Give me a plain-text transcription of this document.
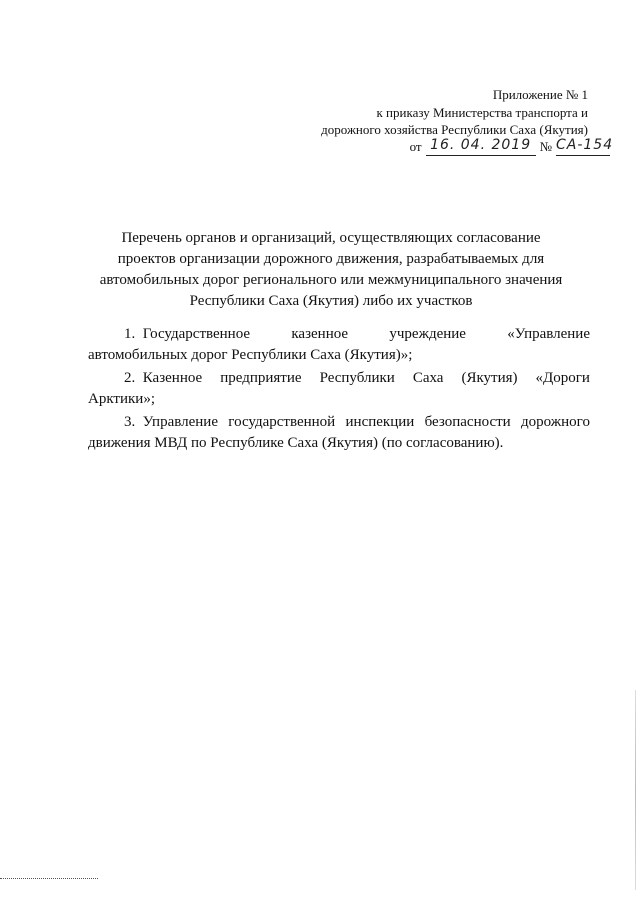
Приложение № 1
к приказу Министерства транспорта и
дорожного хозяйства Республики Саха (Якутия)
от 16. 04. 2019 № СА-154
Перечень органов и организаций, осуществляющих согласование
проектов организации дорожного движения, разрабатываемых для
автомобильных дорог регионального или межмуниципального значения
Республики Саха (Якутия) либо их участков
1. Государственное	казенное	учреждение	«Управление
автомобильных дорог Республики Саха (Якутия)»;
2. Казенное предприятие Республики Саха (Якутия) «Дороги
Арктики»;
3. Управление государственной инспекции безопасности дорожного
движения МВД по Республике Саха (Якутия) (по согласованию).
